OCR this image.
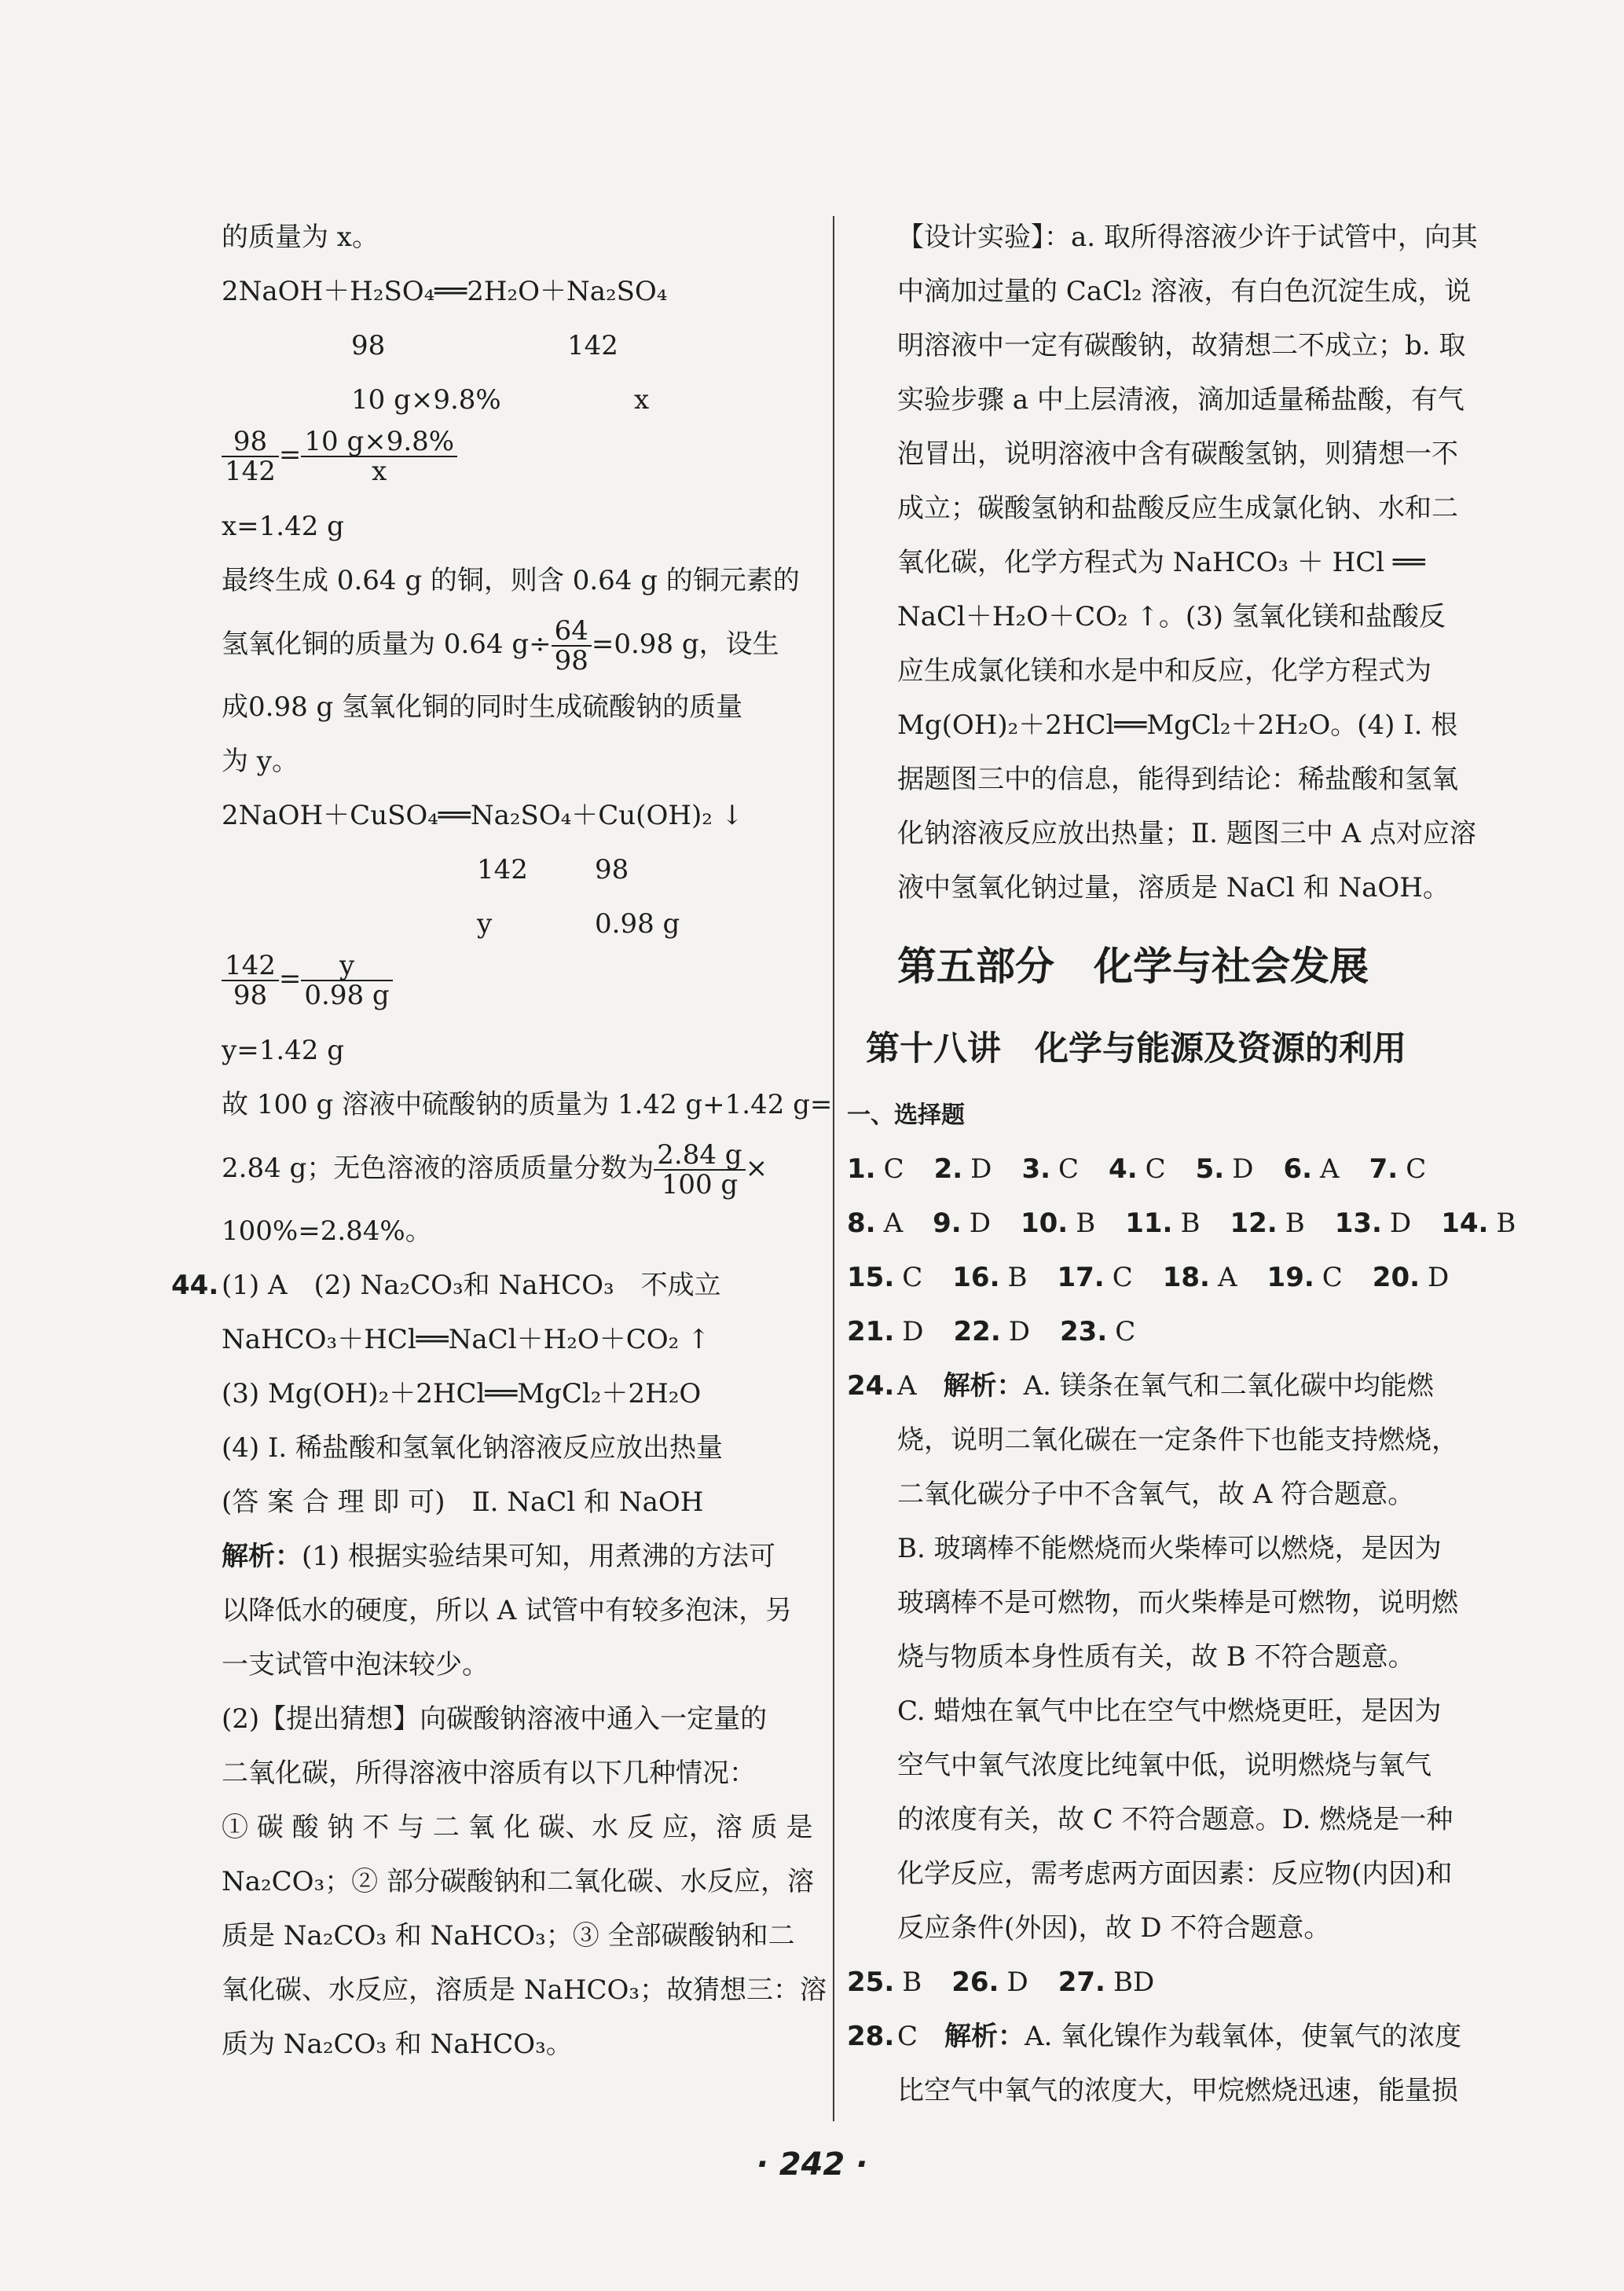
的质量为 x。
2NaOH＋H₂SO₄══2H₂O＋Na₂SO₄
98	142
10 g×9.8%	x
$\frac{98}{142} = \frac{10 g\times 9.8\%}{x}$
x=1.42 g
最终生成 0.64 g 的铜，则含 0.64 g 的铜元素的
氢氧化铜的质量为 0.64 $g\div \frac{64}{98} =0.98$ g，设生
成0.98 g 氢氧化铜的同时生成硫酸钠的质量
为 y。
2NaOH＋CuSO₄══Na₂SO₄＋Cu(OH)₂ ↓
142	98
y	0.98 g
$\frac{142}{98} = \frac{y}{0.98 g}$
y=1.42 g
故 100 g 溶液中硫酸钠的质量为 1.42 g+1.42 g=
2.84 g；无色溶液的溶质质量分数为 $\frac{2.84 g}{100 g}$ ×
100%=2.84%。
44. (1) A　(2) Na₂CO₃和 NaHCO₃　不成立
NaHCO₃＋HCl══NaCl＋H₂O＋CO₂ ↑
(3) Mg(OH)₂＋2HCl══MgCl₂＋2H₂O
(4) Ⅰ. 稀盐酸和氢氧化钠溶液反应放出热量
(答 案 合 理 即 可)　Ⅱ. NaCl 和 NaOH
解析：(1) 根据实验结果可知，用煮沸的方法可
以降低水的硬度，所以 A 试管中有较多泡沫，另
一支试管中泡沫较少。
(2)【提出猜想】向碳酸钠溶液中通入一定量的
二氧化碳，所得溶液中溶质有以下几种情况：
① 碳 酸 钠 不 与 二 氧 化 碳、水 反 应，溶 质 是
Na₂CO₃；② 部分碳酸钠和二氧化碳、水反应，溶
质是 Na₂CO₃ 和 NaHCO₃；③ 全部碳酸钠和二
氧化碳、水反应，溶质是 NaHCO₃；故猜想三：溶
质为 Na₂CO₃ 和 NaHCO₃。
【设计实验】：a. 取所得溶液少许于试管中，向其
中滴加过量的 CaCl₂ 溶液，有白色沉淀生成，说
明溶液中一定有碳酸钠，故猜想二不成立；b. 取
实验步骤 a 中上层清液，滴加适量稀盐酸，有气
泡冒出，说明溶液中含有碳酸氢钠，则猜想一不
成立；碳酸氢钠和盐酸反应生成氯化钠、水和二
氧化碳，化学方程式为 NaHCO₃ ＋ HCl ══
NaCl＋H₂O＋CO₂ ↑。(3) 氢氧化镁和盐酸反
应生成氯化镁和水是中和反应，化学方程式为
Mg(OH)₂＋2HCl══MgCl₂＋2H₂O。(4) Ⅰ. 根
据题图三中的信息，能得到结论：稀盐酸和氢氧
化钠溶液反应放出热量；Ⅱ. 题图三中 A 点对应溶
液中氢氧化钠过量，溶质是 NaCl 和 NaOH。
第五部分　化学与社会发展
第十八讲　化学与能源及资源的利用
一、选择题
1. C 2. D 3. C 4. C 5. D 6. A 7. C
8. A 9. D 10. B 11. B 12. B 13. D 14. B
15. C 16. B 17. C 18. A 19. C 20. D
21. D 22. D 23. C
24. A　解析：A. 镁条在氧气和二氧化碳中均能燃
烧，说明二氧化碳在一定条件下也能支持燃烧，
二氧化碳分子中不含氧气，故 A 符合题意。
B. 玻璃棒不能燃烧而火柴棒可以燃烧，是因为
玻璃棒不是可燃物，而火柴棒是可燃物，说明燃
烧与物质本身性质有关，故 B 不符合题意。
C. 蜡烛在氧气中比在空气中燃烧更旺，是因为
空气中氧气浓度比纯氧中低，说明燃烧与氧气
的浓度有关，故 C 不符合题意。D. 燃烧是一种
化学反应，需考虑两方面因素：反应物(内因)和
反应条件(外因)，故 D 不符合题意。
25. B 26. D 27. BD
28. C　解析：A. 氧化镍作为载氧体，使氧气的浓度
比空气中氧气的浓度大，甲烷燃烧迅速，能量损
· 242 ·
